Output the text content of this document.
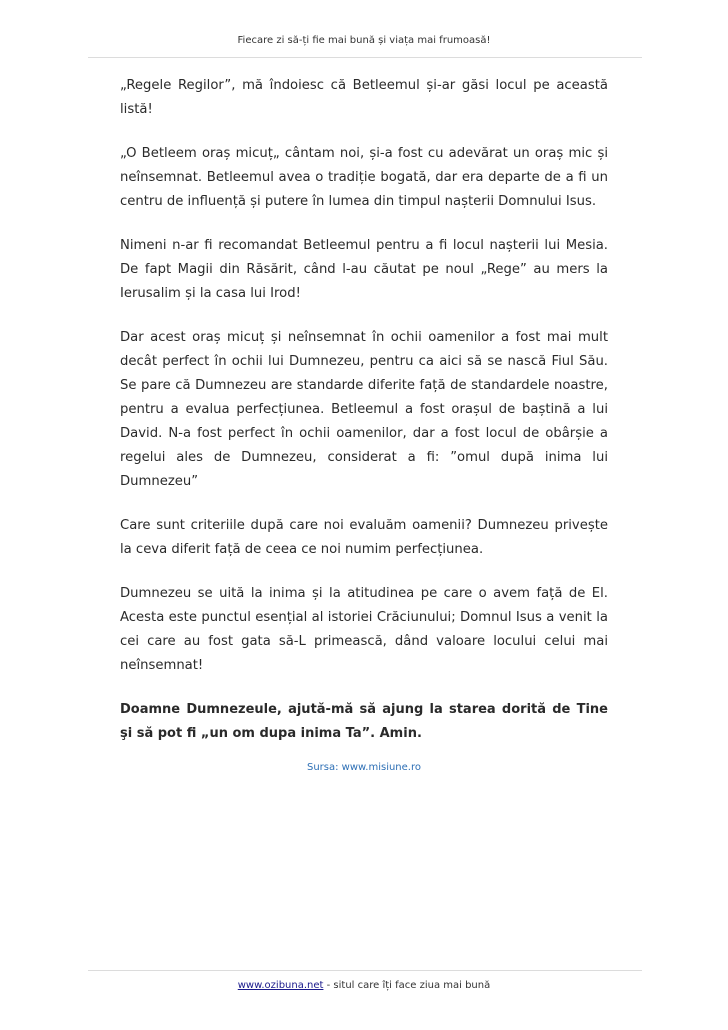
Fiecare zi să-ți fie mai bună și viața mai frumoasă!

„Regele Regilor”, mă îndoiesc că Betleemul și-ar găsi locul pe această listă!

„O Betleem oraș micuț„ cântam noi, și-a fost cu adevărat un oraș mic și neînsemnat. Betleemul avea o tradiție bogată, dar era departe de a fi un centru de influență și putere în lumea din timpul nașterii Domnului Isus.

Nimeni n-ar fi recomandat Betleemul pentru a fi locul nașterii lui Mesia. De fapt Magii din Răsărit, când l-au căutat pe noul „Rege” au mers la Ierusalim și la casa lui Irod!

Dar acest oraș micuț și neînsemnat în ochii oamenilor a fost mai mult decât perfect în ochii lui Dumnezeu, pentru ca aici să se nască Fiul Său. Se pare că Dumnezeu are standarde diferite față de standardele noastre, pentru a evalua perfecțiunea. Betleemul a fost orașul de baștină a lui David. N-a fost perfect în ochii oamenilor, dar a fost locul de obârșie a regelui ales de Dumnezeu, considerat a fi: ”omul după inima lui Dumnezeu”

Care sunt criteriile după care noi evaluăm oamenii? Dumnezeu privește la ceva diferit față de ceea ce noi numim perfecțiunea.

Dumnezeu se uită la inima și la atitudinea pe care o avem față de El. Acesta este punctul esențial al istoriei Crăciunului; Domnul Isus a venit la cei care au fost gata să-L primească, dând valoare locului celui mai neînsemnat!

Doamne Dumnezeule, ajută-mă să ajung la starea dorită de Tine şi să pot fi „un om dupa inima Ta”. Amin.

Sursa: www.misiune.ro
www.ozibuna.net - situl care îți face ziua mai bună
